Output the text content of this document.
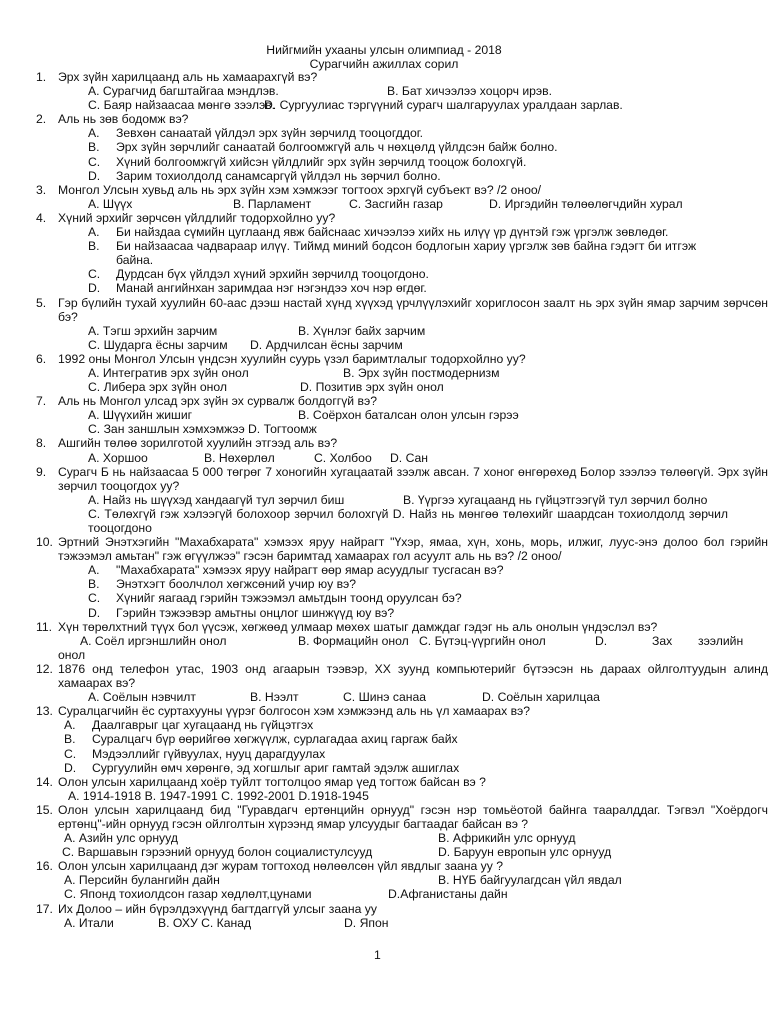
Нийгмийн ухааны улсын олимпиад - 2018
Сурагчийн ажиллах сорил
1. Эрх зүйн харилцаанд аль нь хамаарахгүй вэ?
A. Сурагчид багштайгаа мэндлэв.	B. Бат хичээлээ хоцорч ирэв.
C. Баяр найзаасаа мөнгө зээлэв.
D. Сургуулиас тэргүүний сурагч шалгаруулах уралдаан зарлав.
2. Аль нь зөв бодомж вэ?
A.	Зевхөн санаатай үйлдэл эрх зүйн зөрчилд тооцогддог.
B.	Эрх зүйн зөрчлийг санаатай болгоомжгүй аль ч нөхцөлд үйлдсэн байж болно.
C.	Хүний болгоомжгүй хийсэн үйлдлийг эрх зүйн зөрчилд тооцож болохгүй.
D.	Зарим тохиолдолд санамсаргүй үйлдэл нь зөрчил болно.
3. Монгол Улсын хувьд аль нь эрх зүйн хэм хэмжээг тогтоох эрхгүй субъект вэ? /2 оноо/
A. Шүүх	B. Парламент	C. Засгийн газар	D. Иргэдийн төлөөлөгчдийн хурал
4. Хүний эрхийг зөрчсөн үйлдлийг тодорхойлно уу?
A.	Би найздаа сүмийн цуглаанд явж байснаас хичээлээ хийх нь илүү үр дүнтэй гэж үргэлж зөвлөдөг.
B.	Би найзаасаа чадвараар илүү. Тиймд миний бодсон бодлогын хариу үргэлж зөв байна гэдэгт би итгэж байна.
C.	Дурдсан бүх үйлдэл хүний эрхийн зөрчилд тооцогдоно.
D.	Манай ангийнхан заримдаа нэг нэгэндээ хоч нэр өгдөг.
5. Гэр бүлийн тухай хуулийн 60-аас дээш настай хүнд хүүхэд үрчлүүлэхийг хориглосон заалт нь эрх зүйн ямар зарчим зөрчсөн бэ?
A. Тэгш эрхийн зарчим	B. Хүнлэг байх зарчим
C. Шударга ёсны зарчим D. Ардчилсан ёсны зарчим
6. 1992 оны Монгол Улсын үндсэн хуулийн суурь үзэл баримтлалыг тодорхойлно уу?
A. Интегратив эрх зүйн онол	B. Эрх зүйн постмодернизм
C. Либера эрх зүйн онол	D. Позитив эрх зүйн онол
7. Аль нь Монгол улсад эрх зүйн эх сурвалж болдоггүй вэ?
A. Шүүхийн жишиг	B. Соёрхон баталсан олон улсын гэрээ
C. Зан заншлын хэмхэмжээ D. Тогтоомж
8. Ашгийн төлөө зорилготой хуулийн этгээд аль вэ?
A. Хоршоо	B. Нөхөрлөл	C. Холбоо D. Сан
9. Сурагч Б нь найзаасаа 5 000 төгрөг 7 хоногийн хугацаатай зээлж авсан. 7 хоног өнгөрөхөд Болор зээлээ төлөөгүй. Эрх зүйн зөрчил тооцогдох уу?
A. Найз нь шүүхэд хандаагүй тул зөрчил биш	B. Үүргээ хугацаанд нь гүйцэтгээгүй тул зөрчил болно
C. Төлөхгүй гэж хэлээгүй болохоор зөрчил болохгүй D. Найз нь мөнгөө төлөхийг шаардсан тохиолдолд зөрчил тооцогдоно
10. Эртний Энэтхэгийн "Махабхарата" хэмээх яруу найрагт "Үхэр, ямаа, хүн, хонь, морь, илжиг, луус-энэ долоо бол гэрийн тэжээмэл амьтан" гэж өгүүлжээ" гэсэн баримтад хамаарах гол асуулт аль нь вэ? /2 оноо/
A.	"Махабхарата" хэмээх яруу найрагт өөр ямар асуудлыг тусгасан вэ?
B.	Энэтхэгт боолчлол хөгжсөний учир юу вэ?
C.	Хүнийг яагаад гэрийн тэжээмэл амьтдын тоонд оруулсан бэ?
D.	Гэрийн тэжээвэр амьтны онцлог шинжүүд юу вэ?
11. Хүн төрөлхтний түүх бол үүсэж, хөгжөөд улмаар мөхөх шатыг дамждаг гэдэг нь аль онолын үндэслэл вэ?
A. Соёл иргэншлийн онол	B. Формацийн онол C. Бүтэц-үүргийн онол	D.	Зах зээлийн
онол
12. 1876 онд телефон утас, 1903 онд агаарын тээвэр, XX зуунд компьютерийг бүтээсэн нь дараах ойлголтуудын алинд хамаарах вэ?
A. Соёлын нэвчилт	B. Нээлт	C. Шинэ санаа	D. Соёлын харилцаа
13. Суралцагчийн ёс суртахууны үүрэг болгосон хэм хэмжээнд аль нь үл хамаарах вэ?
A.	Даалгаврыг цаг хугацаанд нь гүйцэтгэх
B.	Суралцагч бүр өөрийгөө хөгжүүлж, сурлагадаа ахиц гаргаж байх
C.	Мэдээллийг гүйвуулах, нууц дарагдуулах
D.	Сургуулийн өмч хөрөнгө, эд хогшлыг ариг гамтай эдэлж ашиглах
14. Олон улсын харилцаанд хоёр туйлт тогтолцоо ямар үед тогтож байсан вэ ?
A. 1914-1918 B. 1947-1991 C. 1992-2001 D.1918-1945
15. Олон улсын харилцаанд бид "Гуравдагч ертөнцийн орнууд" гэсэн нэр томьёотой байнга тааралддаг. Тэгвэл "Хоёрдогч ертөнц"-ийн орнууд гэсэн ойлголтын хүрээнд ямар улсуудыг багтаадаг байсан вэ ?
A. Азийн улс орнууд	B. Африкийн улс орнууд
C. Варшавын гэрээний орнууд болон социалистулсууд	D. Баруун европын улс орнууд
16. Олон улсын харилцаанд дэг журам тогтоход нөлөөлсөн үйл явдлыг заана уу ?
A. Персийн булангийн дайн	B. НҮБ байгуулагдсан үйл явдал
C. Японд тохиолдсон газар хөдлөлт,цунами	D.Афганистаны дайн
17. Их Долоо – ийн бүрэлдэхүүнд багтдаггүй улсыг заана уу
A. Итали	B. ОХУ С. Канад	D. Япон
1
